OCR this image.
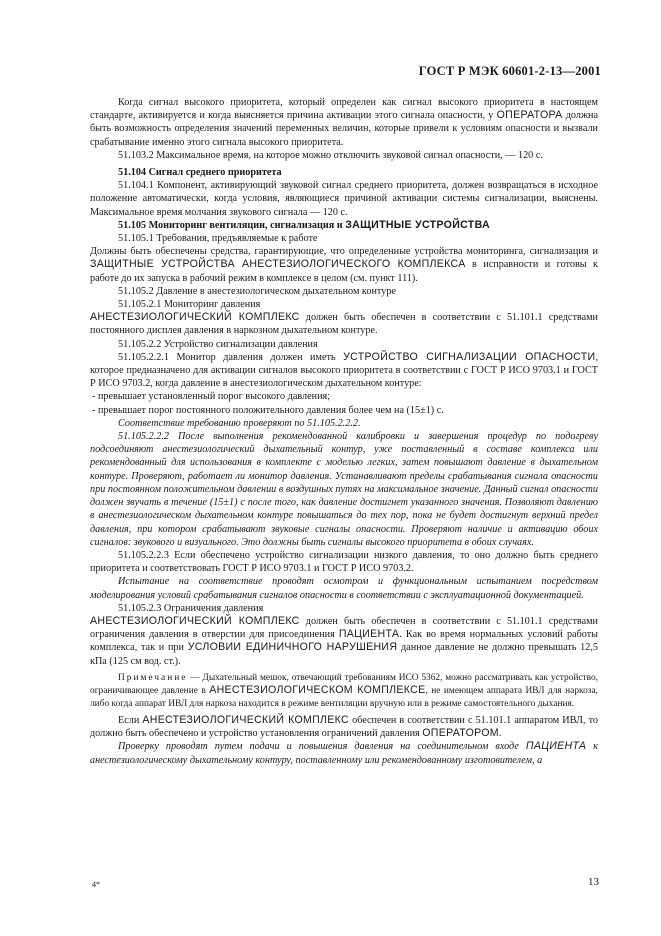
ГОСТ Р МЭК 60601-2-13—2001

Когда сигнал высокого приоритета, который определен как сигнал высокого приоритета в настоящем стандарте, активируется и когда выясняется причина активации этого сигнала опасности, у ОПЕРАТОРА должна быть возможность определения значений переменных величин, которые привели к условиям опасности и вызвали срабатывание именно этого сигнала высокого приоритета.

51.103.2 Максимальное время, на которое можно отключить звуковой сигнал опасности, — 120 с.

51.104 Сигнал среднего приоритета

51.104.1 Компонент, активирующий звуковой сигнал среднего приоритета, должен возвращаться в исходное положение автоматически, когда условия, являющиеся причиной активации системы сигнализации, выяснены. Максимальное время молчания звукового сигнала — 120 с.

51.105 Мониторинг вентиляции, сигнализация и ЗАЩИТНЫЕ УСТРОЙСТВА

51.105.1 Требования, предъявляемые к работе

Должны быть обеспечены средства, гарантирующие, что определенные устройства мониторинга, сигнализация и ЗАЩИТНЫЕ УСТРОЙСТВА АНЕСТЕЗИОЛОГИЧЕСКОГО КОМПЛЕКСА в исправности и готовы к работе до их запуска в рабочий режим в комплексе в целом (см. пункт 111).

51.105.2 Давление в анестезиологическом дыхательном контуре

51.105.2.1 Мониторинг давления

АНЕСТЕЗИОЛОГИЧЕСКИЙ КОМПЛЕКС должен быть обеспечен в соответствии с 51.101.1 средствами постоянного дисплея давления в наркозном дыхательном контуре.

51.105.2.2 Устройство сигнализации давления

51.105.2.2.1 Монитор давления должен иметь УСТРОЙСТВО СИГНАЛИЗАЦИИ ОПАСНОСТИ, которое предназначено для активации сигналов высокого приоритета в соответствии с ГОСТ Р ИСО 9703.1 и ГОСТ Р ИСО 9703.2, когда давление в анестезиологическом дыхательном контуре:

- превышает установленный порог высокого давления;

- превышает порог постоянного положительного давления более чем на (15±1) с.

Соответствие требованию проверяют по 51.105.2.2.2.

51.105.2.2.2 После выполнения рекомендованной калибровки и завершения процедур по подогреву подсоединяют анестезиологический дыхательный контур, уже поставленный в составе комплекса или рекомендованный для использования в комплекте с моделью легких, затем повышают давление в дыхательном контуре. Проверяют, работает ли монитор давления. Устанавливают пределы срабатывания сигнала опасности при постоянном положительном давлении в воздушных путях на максимальное значение. Данный сигнал опасности должен звучать в течение (15±1) с после того, как давление достигнет указанного значения. Позволяют давлению в анестезиологическом дыхательном контуре повышаться до тех пор, пока не будет достигнут верхний предел давления, при котором срабатывают звуковые сигналы опасности. Проверяют наличие и активацию обоих сигналов: звукового и визуального. Это должны быть сигналы высокого приоритета в обоих случаях.

51.105.2.2.3 Если обеспечено устройство сигнализации низкого давления, то оно должно быть среднего приоритета и соответствовать ГОСТ Р ИСО 9703.1 и ГОСТ Р ИСО 9703.2.

Испытание на соответствие проводят осмотром и функциональным испытанием посредством моделирования условий срабатывания сигналов опасности в соответствии с эксплуатационной документацией.

51.105.2.3 Ограничения давления

АНЕСТЕЗИОЛОГИЧЕСКИЙ КОМПЛЕКС должен быть обеспечен в соответствии с 51.101.1 средствами ограничения давления в отверстии для присоединения ПАЦИЕНТА. Как во время нормальных условий работы комплекса, так и при УСЛОВИИ ЕДИНИЧНОГО НАРУШЕНИЯ данное давление не должно превышать 12,5 кПа (125 см вод. ст.).

Примечание — Дыхательный мешок, отвечающий требованиям ИСО 5362, можно рассматривать как устройство, ограничивающее давление в АНЕСТЕЗИОЛОГИЧЕСКОМ КОМПЛЕКСЕ, не имеющем аппарата ИВЛ для наркоза, либо когда аппарат ИВЛ для наркоза находится в режиме вентиляции вручную или в режиме самостоятельного дыхания.

Если АНЕСТЕЗИОЛОГИЧЕСКИЙ КОМПЛЕКС обеспечен в соответствии с 51.101.1 аппаратом ИВЛ, то должно быть обеспечено и устройство установления ограничений давления ОПЕРАТОРОМ.

Проверку проводят путем подачи и повышения давления на соединительном входе ПАЦИЕНТА к анестезиологическому дыхательному контуру, поставленному или рекомендованному изготовителем, а

4*	13
